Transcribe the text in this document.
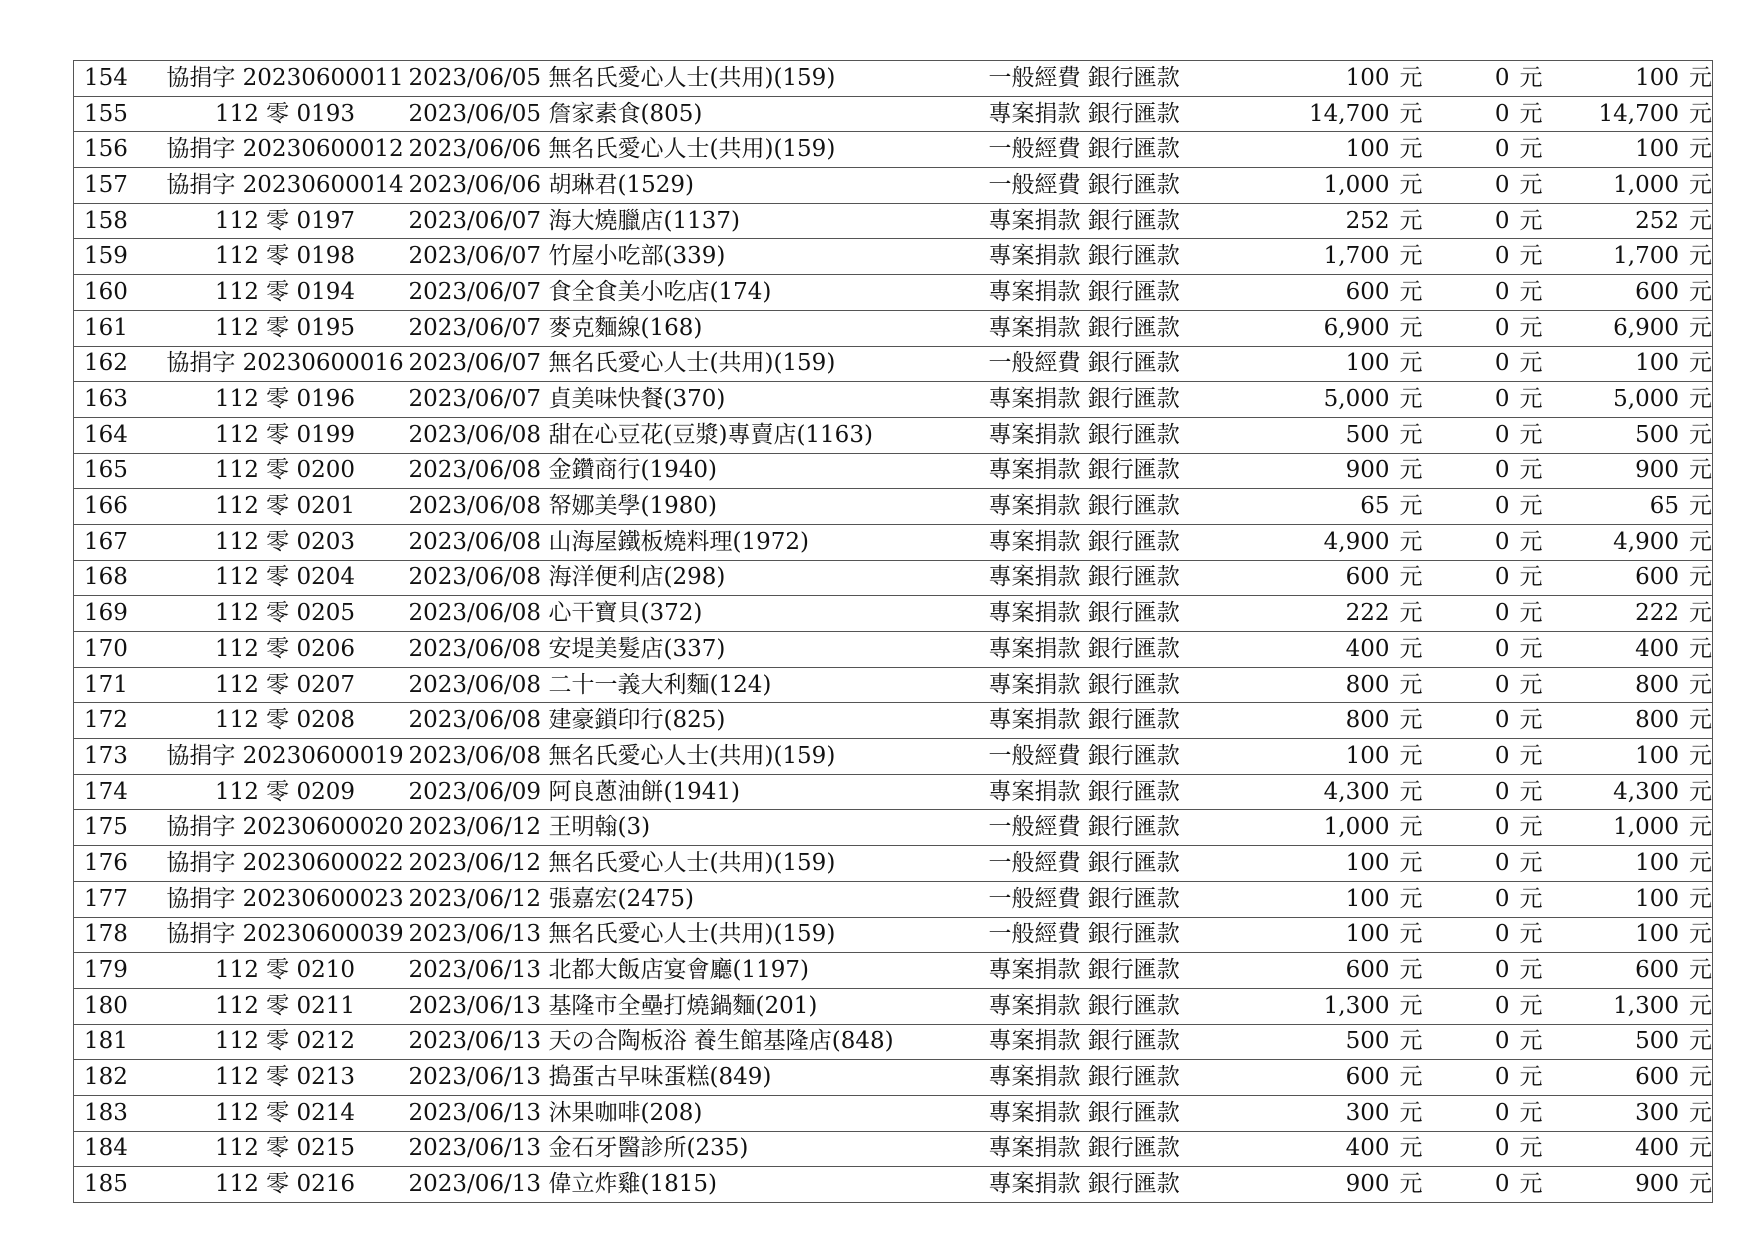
154	協捐字 20230600011	2023/06/05	無名氏愛心人士(共用)(159)	一般經費 銀行匯款	100 元	0 元	100 元
155	112 零 0193	2023/06/05	詹家素食(805)	專案捐款 銀行匯款	14,700 元	0 元	14,700 元
156	協捐字 20230600012	2023/06/06	無名氏愛心人士(共用)(159)	一般經費 銀行匯款	100 元	0 元	100 元
157	協捐字 20230600014	2023/06/06	胡琳君(1529)	一般經費 銀行匯款	1,000 元	0 元	1,000 元
158	112 零 0197	2023/06/07	海大燒臘店(1137)	專案捐款 銀行匯款	252 元	0 元	252 元
159	112 零 0198	2023/06/07	竹屋小吃部(339)	專案捐款 銀行匯款	1,700 元	0 元	1,700 元
160	112 零 0194	2023/06/07	食全食美小吃店(174)	專案捐款 銀行匯款	600 元	0 元	600 元
161	112 零 0195	2023/06/07	麥克麵線(168)	專案捐款 銀行匯款	6,900 元	0 元	6,900 元
162	協捐字 20230600016	2023/06/07	無名氏愛心人士(共用)(159)	一般經費 銀行匯款	100 元	0 元	100 元
163	112 零 0196	2023/06/07	貞美味快餐(370)	專案捐款 銀行匯款	5,000 元	0 元	5,000 元
164	112 零 0199	2023/06/08	甜在心豆花(豆漿)專賣店(1163)	專案捐款 銀行匯款	500 元	0 元	500 元
165	112 零 0200	2023/06/08	金鑽商行(1940)	專案捐款 銀行匯款	900 元	0 元	900 元
166	112 零 0201	2023/06/08	帑娜美學(1980)	專案捐款 銀行匯款	65 元	0 元	65 元
167	112 零 0203	2023/06/08	山海屋鐵板燒料理(1972)	專案捐款 銀行匯款	4,900 元	0 元	4,900 元
168	112 零 0204	2023/06/08	海洋便利店(298)	專案捐款 銀行匯款	600 元	0 元	600 元
169	112 零 0205	2023/06/08	心干寶貝(372)	專案捐款 銀行匯款	222 元	0 元	222 元
170	112 零 0206	2023/06/08	安堤美髮店(337)	專案捐款 銀行匯款	400 元	0 元	400 元
171	112 零 0207	2023/06/08	二十一義大利麵(124)	專案捐款 銀行匯款	800 元	0 元	800 元
172	112 零 0208	2023/06/08	建豪鎖印行(825)	專案捐款 銀行匯款	800 元	0 元	800 元
173	協捐字 20230600019	2023/06/08	無名氏愛心人士(共用)(159)	一般經費 銀行匯款	100 元	0 元	100 元
174	112 零 0209	2023/06/09	阿良蔥油餅(1941)	專案捐款 銀行匯款	4,300 元	0 元	4,300 元
175	協捐字 20230600020	2023/06/12	王明翰(3)	一般經費 銀行匯款	1,000 元	0 元	1,000 元
176	協捐字 20230600022	2023/06/12	無名氏愛心人士(共用)(159)	一般經費 銀行匯款	100 元	0 元	100 元
177	協捐字 20230600023	2023/06/12	張嘉宏(2475)	一般經費 銀行匯款	100 元	0 元	100 元
178	協捐字 20230600039	2023/06/13	無名氏愛心人士(共用)(159)	一般經費 銀行匯款	100 元	0 元	100 元
179	112 零 0210	2023/06/13	北都大飯店宴會廳(1197)	專案捐款 銀行匯款	600 元	0 元	600 元
180	112 零 0211	2023/06/13	基隆市全壘打燒鍋麵(201)	專案捐款 銀行匯款	1,300 元	0 元	1,300 元
181	112 零 0212	2023/06/13	天の合陶板浴 養生館基隆店(848)	專案捐款 銀行匯款	500 元	0 元	500 元
182	112 零 0213	2023/06/13	搗蛋古早味蛋糕(849)	專案捐款 銀行匯款	600 元	0 元	600 元
183	112 零 0214	2023/06/13	沐果咖啡(208)	專案捐款 銀行匯款	300 元	0 元	300 元
184	112 零 0215	2023/06/13	金石牙醫診所(235)	專案捐款 銀行匯款	400 元	0 元	400 元
185	112 零 0216	2023/06/13	偉立炸雞(1815)	專案捐款 銀行匯款	900 元	0 元	900 元
